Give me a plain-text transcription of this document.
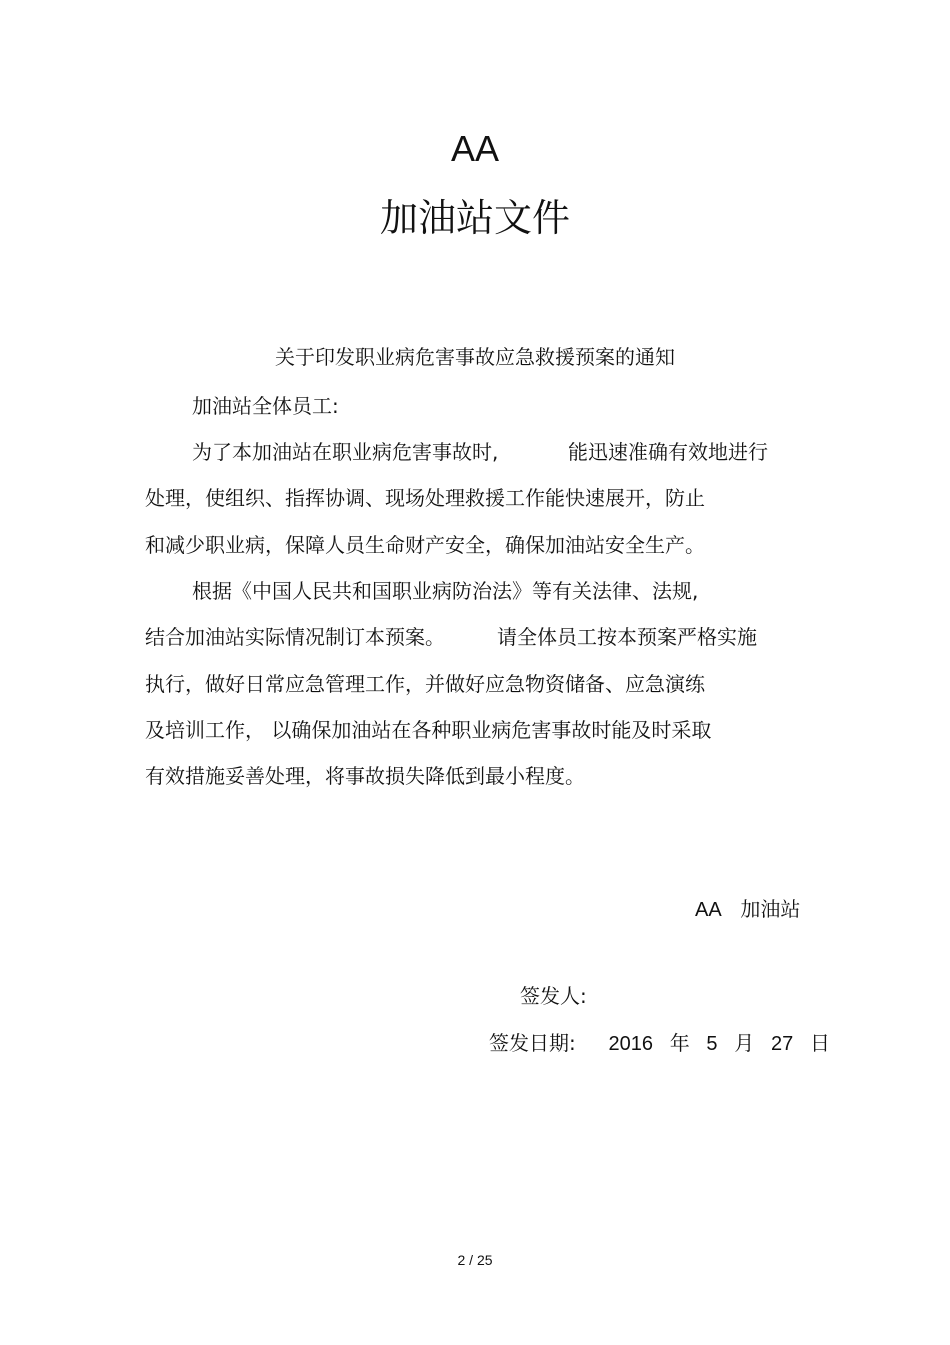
AA
加油站文件
关于印发职业病危害事故应急救援预案的通知
加油站全体员工:
为了本加油站在职业病危害事故时,	能迅速准确有效地进行
处理，使组织、指挥协调、现场处理救援工作能快速展开，防止
和减少职业病，保障人员生命财产安全，确保加油站安全生产。
根据《中国人民共和国职业病防治法》等有关法律、法规,
结合加油站实际情况制订本预案。	请全体员工按本预案严格实施
执行，做好日常应急管理工作，并做好应急物资储备、应急演练
及培训工作， 以确保加油站在各种职业病危害事故时能及时采取
有效措施妥善处理，将事故损失降低到最小程度。
AA 加油站
签发人:
签发日期: 2016 年 5 月 27 日
2 / 25
